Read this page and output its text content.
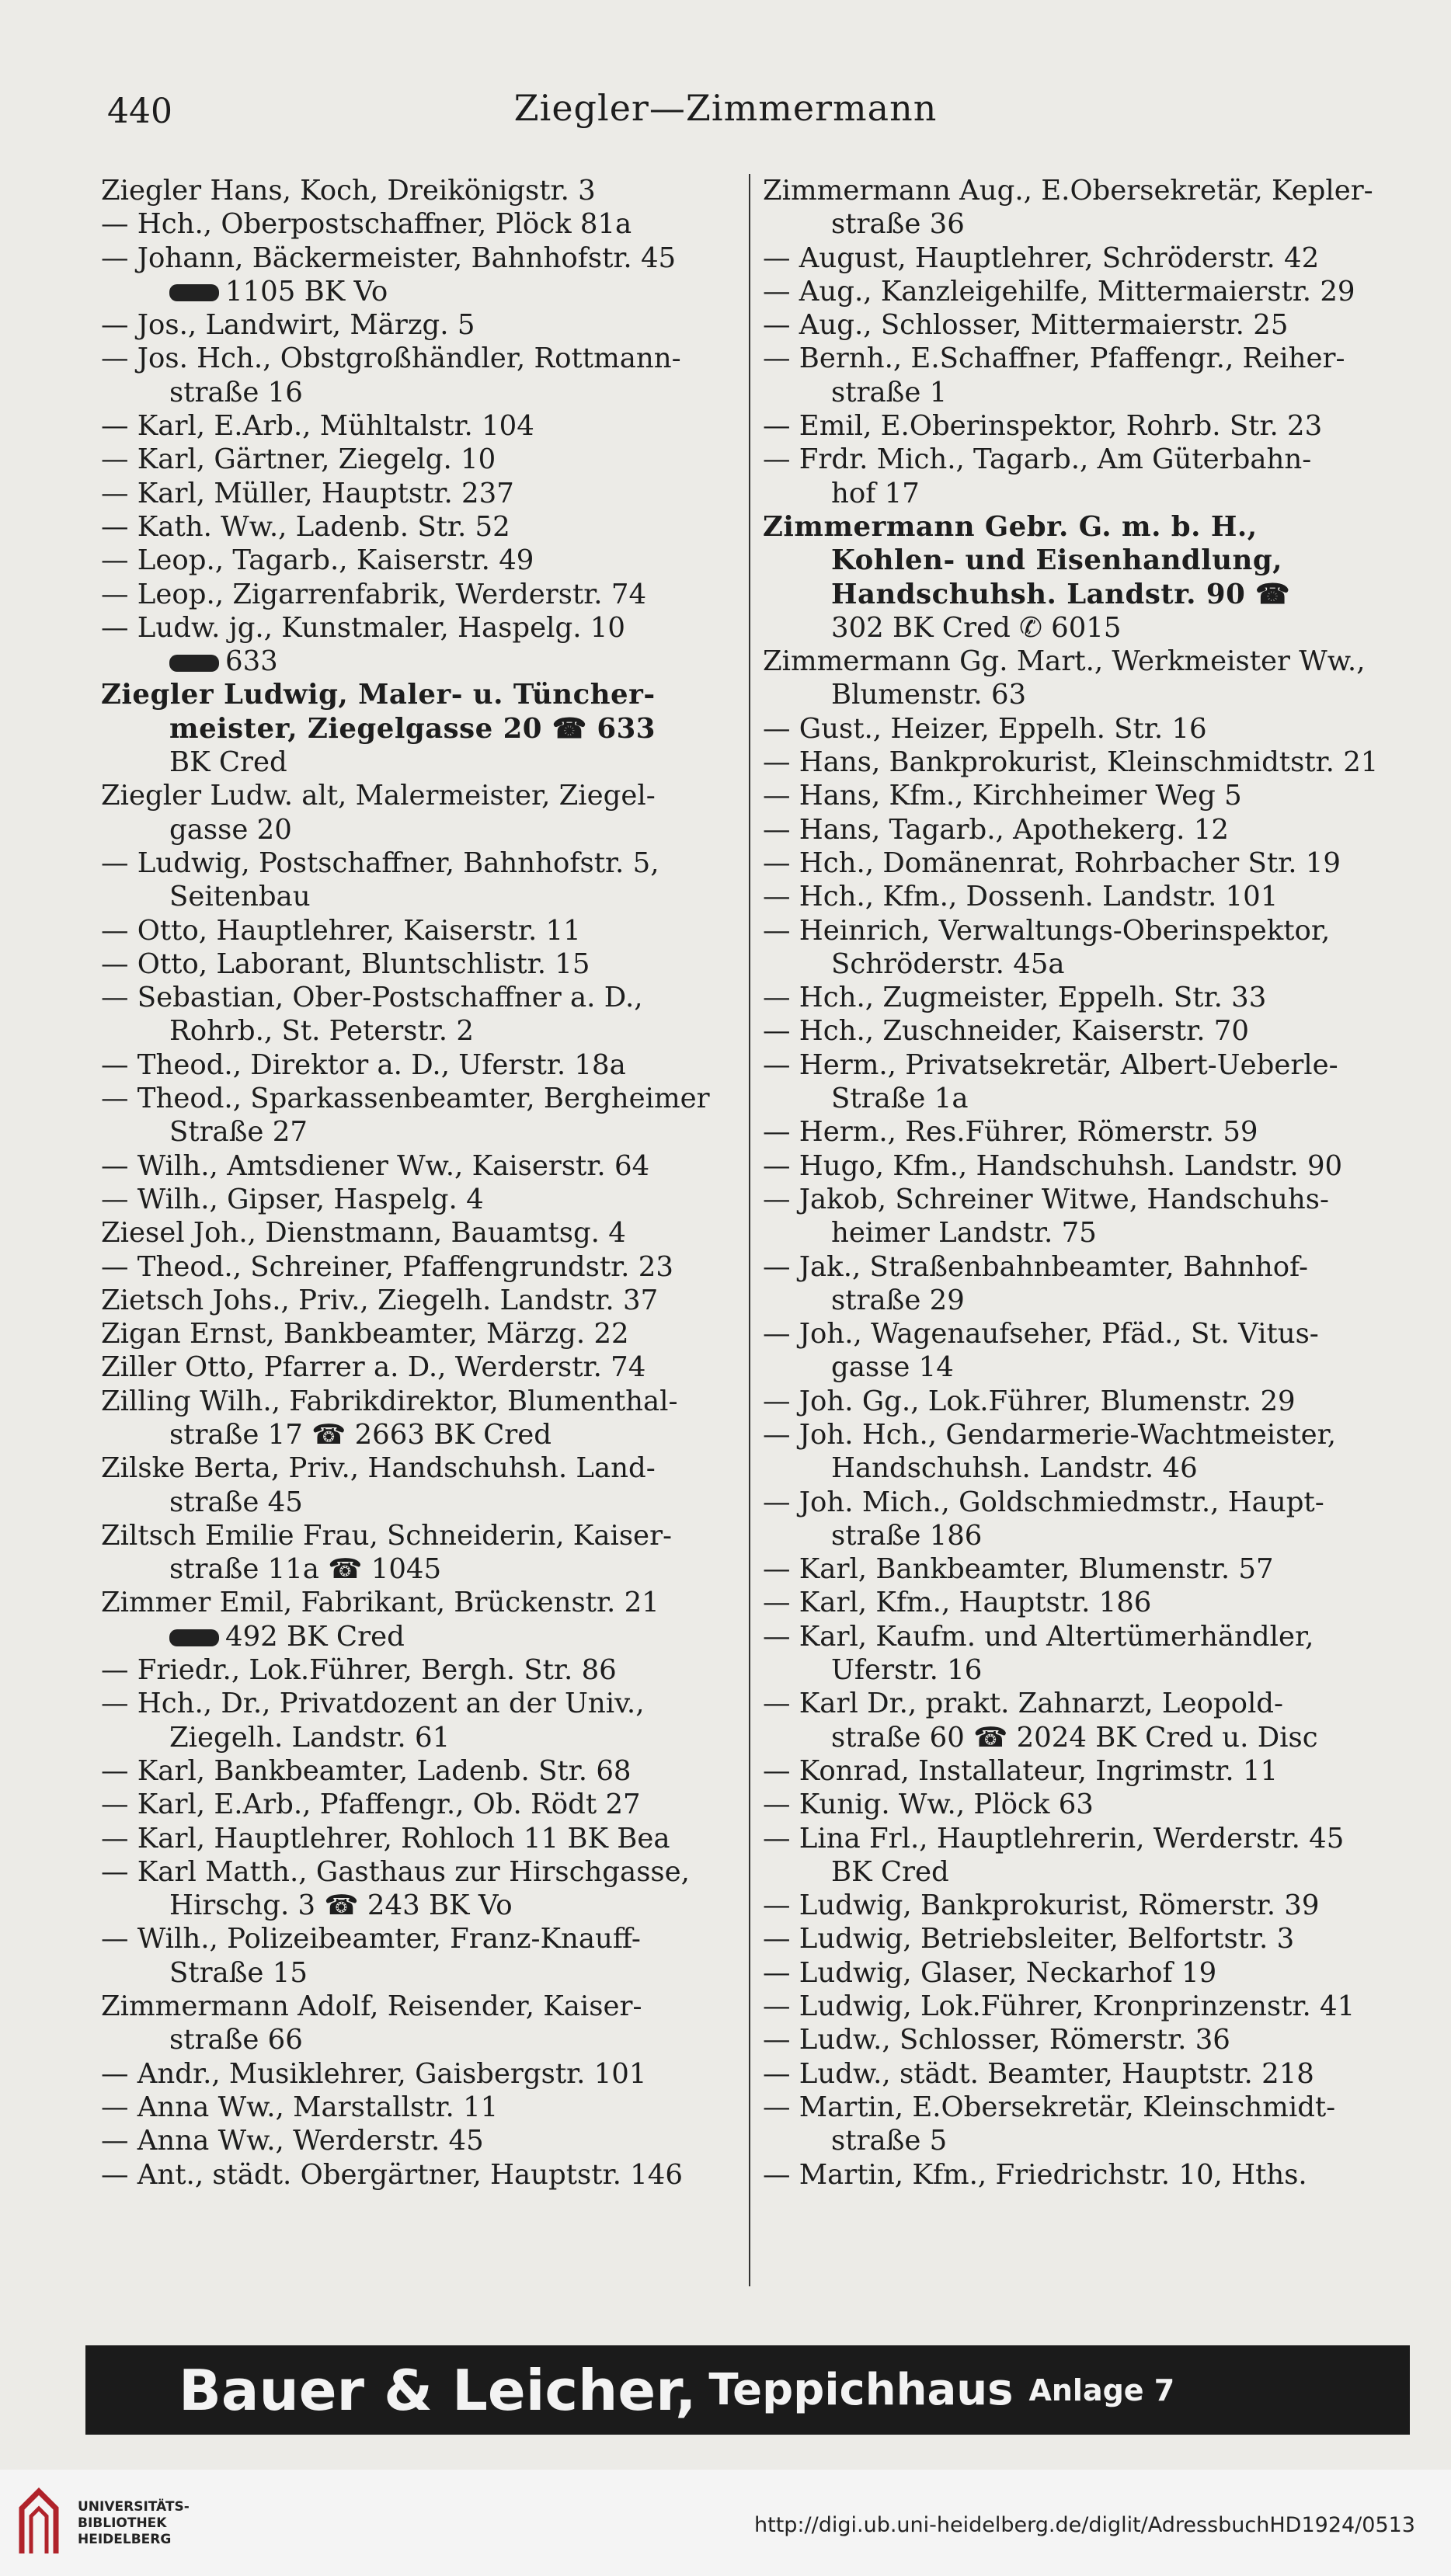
440	Ziegler—Zimmermann
Ziegler Hans, Koch, Dreikönigstr. 3
— Hch., Oberpostschaffner, Plöck 81a
— Johann, Bäckermeister, Bahnhofstr. 45
1105 BK Vo
— Jos., Landwirt, Märzg. 5
— Jos. Hch., Obstgroßhändler, Rottmann-
straße 16
— Karl, E.Arb., Mühltalstr. 104
— Karl, Gärtner, Ziegelg. 10
— Karl, Müller, Hauptstr. 237
— Kath. Ww., Ladenb. Str. 52
— Leop., Tagarb., Kaiserstr. 49
— Leop., Zigarrenfabrik, Werderstr. 74
— Ludw. jg., Kunstmaler, Haspelg. 10
633
Ziegler Ludwig, Maler- u. Tüncher-
meister, Ziegelgasse 20 ☎ 633
BK Cred
Ziegler Ludw. alt, Malermeister, Ziegel-
gasse 20
— Ludwig, Postschaffner, Bahnhofstr. 5,
Seitenbau
— Otto, Hauptlehrer, Kaiserstr. 11
— Otto, Laborant, Bluntschlistr. 15
— Sebastian, Ober-Postschaffner a. D.,
Rohrb., St. Peterstr. 2
— Theod., Direktor a. D., Uferstr. 18a
— Theod., Sparkassenbeamter, Bergheimer
Straße 27
— Wilh., Amtsdiener Ww., Kaiserstr. 64
— Wilh., Gipser, Haspelg. 4
Ziesel Joh., Dienstmann, Bauamtsg. 4
— Theod., Schreiner, Pfaffengrundstr. 23
Zietsch Johs., Priv., Ziegelh. Landstr. 37
Zigan Ernst, Bankbeamter, Märzg. 22
Ziller Otto, Pfarrer a. D., Werderstr. 74
Zilling Wilh., Fabrikdirektor, Blumenthal-
straße 17 ☎ 2663 BK Cred
Zilske Berta, Priv., Handschuhsh. Land-
straße 45
Ziltsch Emilie Frau, Schneiderin, Kaiser-
straße 11a ☎ 1045
Zimmer Emil, Fabrikant, Brückenstr. 21
492 BK Cred
— Friedr., Lok.Führer, Bergh. Str. 86
— Hch., Dr., Privatdozent an der Univ.,
Ziegelh. Landstr. 61
— Karl, Bankbeamter, Ladenb. Str. 68
— Karl, E.Arb., Pfaffengr., Ob. Rödt 27
— Karl, Hauptlehrer, Rohloch 11 BK Bea
— Karl Matth., Gasthaus zur Hirschgasse,
Hirschg. 3 ☎ 243 BK Vo
— Wilh., Polizeibeamter, Franz-Knauff-
Straße 15
Zimmermann Adolf, Reisender, Kaiser-
straße 66
— Andr., Musiklehrer, Gaisbergstr. 101
— Anna Ww., Marstallstr. 11
— Anna Ww., Werderstr. 45
— Ant., städt. Obergärtner, Hauptstr. 146
Zimmermann Aug., E.Obersekretär, Kepler-
straße 36
— August, Hauptlehrer, Schröderstr. 42
— Aug., Kanzleigehilfe, Mittermaierstr. 29
— Aug., Schlosser, Mittermaierstr. 25
— Bernh., E.Schaffner, Pfaffengr., Reiher-
straße 1
— Emil, E.Oberinspektor, Rohrb. Str. 23
— Frdr. Mich., Tagarb., Am Güterbahn-
hof 17
Zimmermann Gebr. G. m. b. H.,
Kohlen- und Eisenhandlung,
Handschuhsh. Landstr. 90 ☎
302 BK Cred ✆ 6015
Zimmermann Gg. Mart., Werkmeister Ww.,
Blumenstr. 63
— Gust., Heizer, Eppelh. Str. 16
— Hans, Bankprokurist, Kleinschmidtstr. 21
— Hans, Kfm., Kirchheimer Weg 5
— Hans, Tagarb., Apothekerg. 12
— Hch., Domänenrat, Rohrbacher Str. 19
— Hch., Kfm., Dossenh. Landstr. 101
— Heinrich, Verwaltungs-Oberinspektor,
Schröderstr. 45a
— Hch., Zugmeister, Eppelh. Str. 33
— Hch., Zuschneider, Kaiserstr. 70
— Herm., Privatsekretär, Albert-Ueberle-
Straße 1a
— Herm., Res.Führer, Römerstr. 59
— Hugo, Kfm., Handschuhsh. Landstr. 90
— Jakob, Schreiner Witwe, Handschuhs-
heimer Landstr. 75
— Jak., Straßenbahnbeamter, Bahnhof-
straße 29
— Joh., Wagenaufseher, Pfäd., St. Vitus-
gasse 14
— Joh. Gg., Lok.Führer, Blumenstr. 29
— Joh. Hch., Gendarmerie-Wachtmeister,
Handschuhsh. Landstr. 46
— Joh. Mich., Goldschmiedmstr., Haupt-
straße 186
— Karl, Bankbeamter, Blumenstr. 57
— Karl, Kfm., Hauptstr. 186
— Karl, Kaufm. und Altertümerhändler,
Uferstr. 16
— Karl Dr., prakt. Zahnarzt, Leopold-
straße 60 ☎ 2024 BK Cred u. Disc
— Konrad, Installateur, Ingrimstr. 11
— Kunig. Ww., Plöck 63
— Lina Frl., Hauptlehrerin, Werderstr. 45
BK Cred
— Ludwig, Bankprokurist, Römerstr. 39
— Ludwig, Betriebsleiter, Belfortstr. 3
— Ludwig, Glaser, Neckarhof 19
— Ludwig, Lok.Führer, Kronprinzenstr. 41
— Ludw., Schlosser, Römerstr. 36
— Ludw., städt. Beamter, Hauptstr. 218
— Martin, E.Obersekretär, Kleinschmidt-
straße 5
— Martin, Kfm., Friedrichstr. 10, Hths.
Bauer & Leicher, Teppichhaus Anlage 7
UNIVERSITÄTS-
BIBLIOTHEK
HEIDELBERG
http://digi.ub.uni-heidelberg.de/diglit/AdressbuchHD1924/0513
